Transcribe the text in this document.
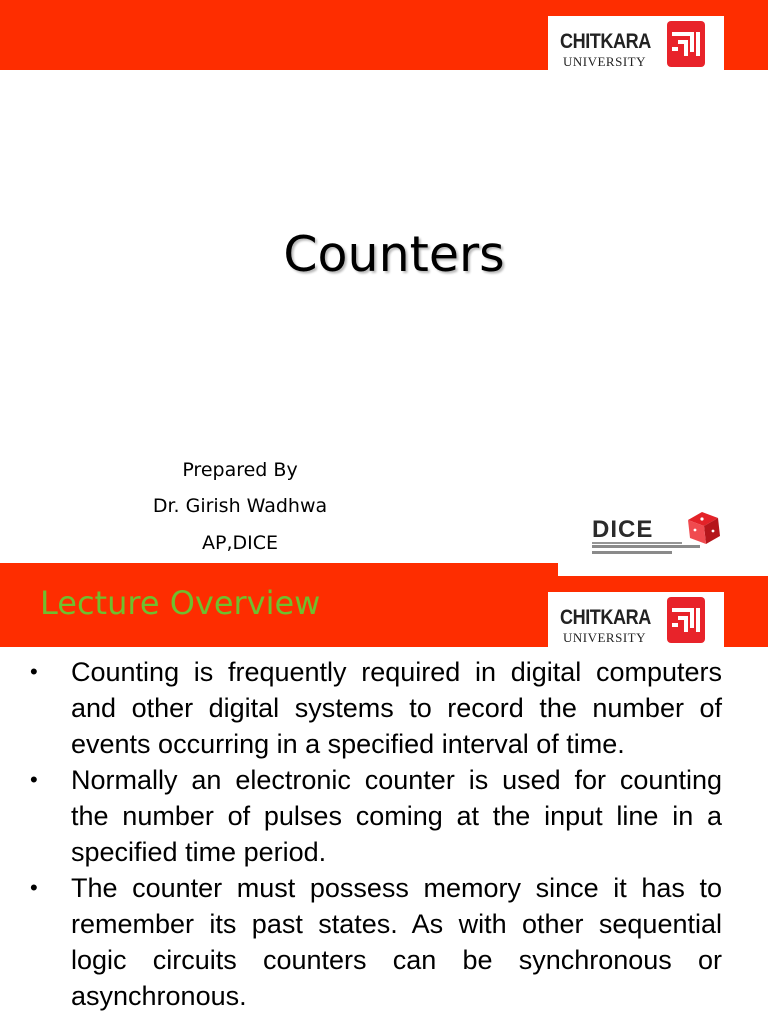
CHITKARA
UNIVERSITY
Counters
Prepared By
Dr. Girish Wadhwa
AP,DICE	DICE
Lecture Overview	CHITKARA
UNIVERSITY
• Counting is frequently required in digital computers and other digital systems to record the number of events occurring in a specified interval of time.
• Normally an electronic counter is used for counting the number of pulses coming at the input line in a specified time period.
• The counter must possess memory since it has to remember its past states. As with other sequential logic circuits counters can be synchronous or asynchronous.
